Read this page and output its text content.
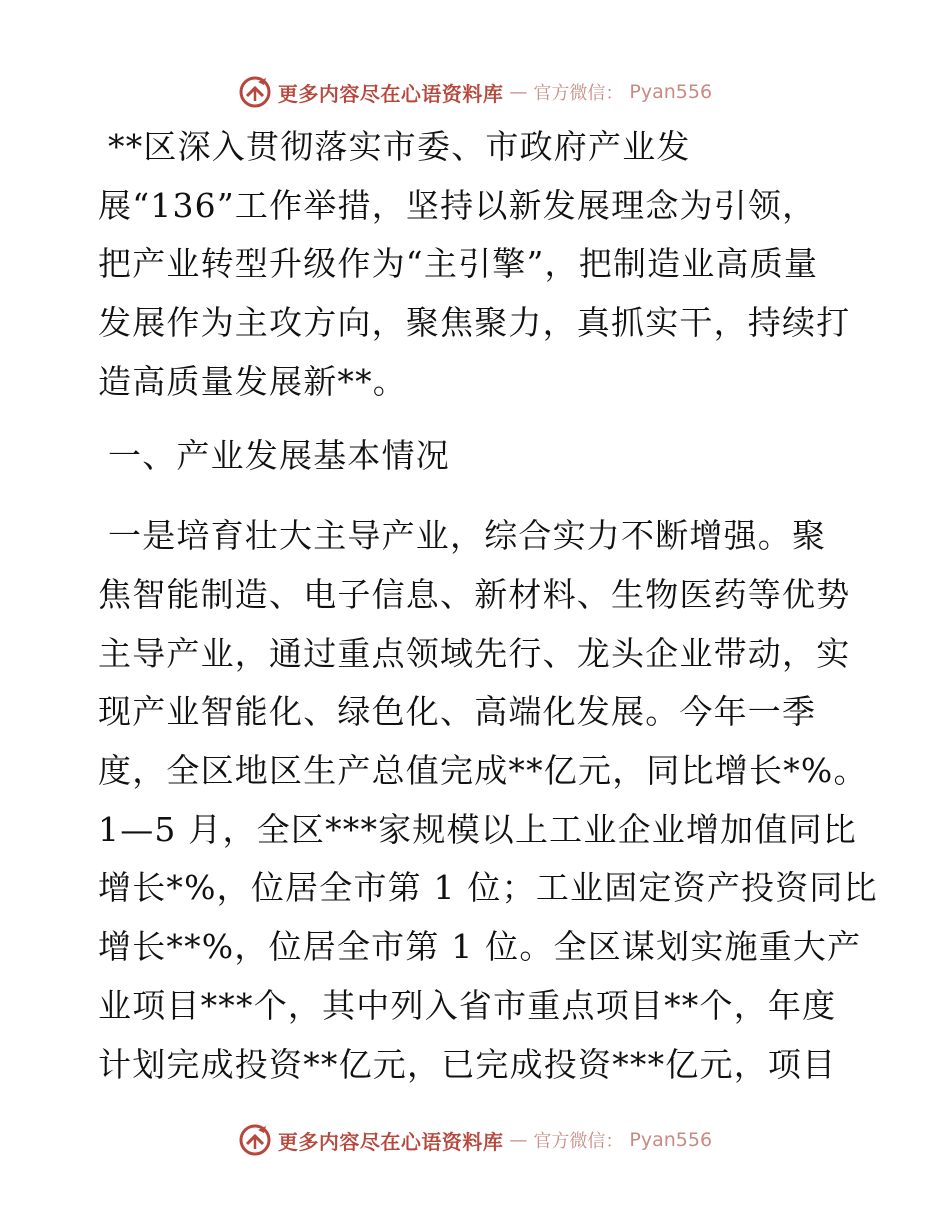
更多内容尽在心语资料库 — 官方微信： Pyan556

**区深入贯彻落实市委、市政府产业发
展“136”工作举措，坚持以新发展理念为引领，
把产业转型升级作为“主引擎”，把制造业高质量
发展作为主攻方向，聚焦聚力，真抓实干，持续打
造高质量发展新**。

一、产业发展基本情况

一是培育壮大主导产业，综合实力不断增强。聚
焦智能制造、电子信息、新材料、生物医药等优势
主导产业，通过重点领域先行、龙头企业带动，实
现产业智能化、绿色化、高端化发展。今年一季
度，全区地区生产总值完成**亿元，同比增长*%。
1—5 月，全区***家规模以上工业企业增加值同比
增长*%，位居全市第 1 位；工业固定资产投资同比
增长**%，位居全市第 1 位。全区谋划实施重大产
业项目***个，其中列入省市重点项目**个，年度
计划完成投资**亿元，已完成投资***亿元，项目

更多内容尽在心语资料库 — 官方微信： Pyan556
